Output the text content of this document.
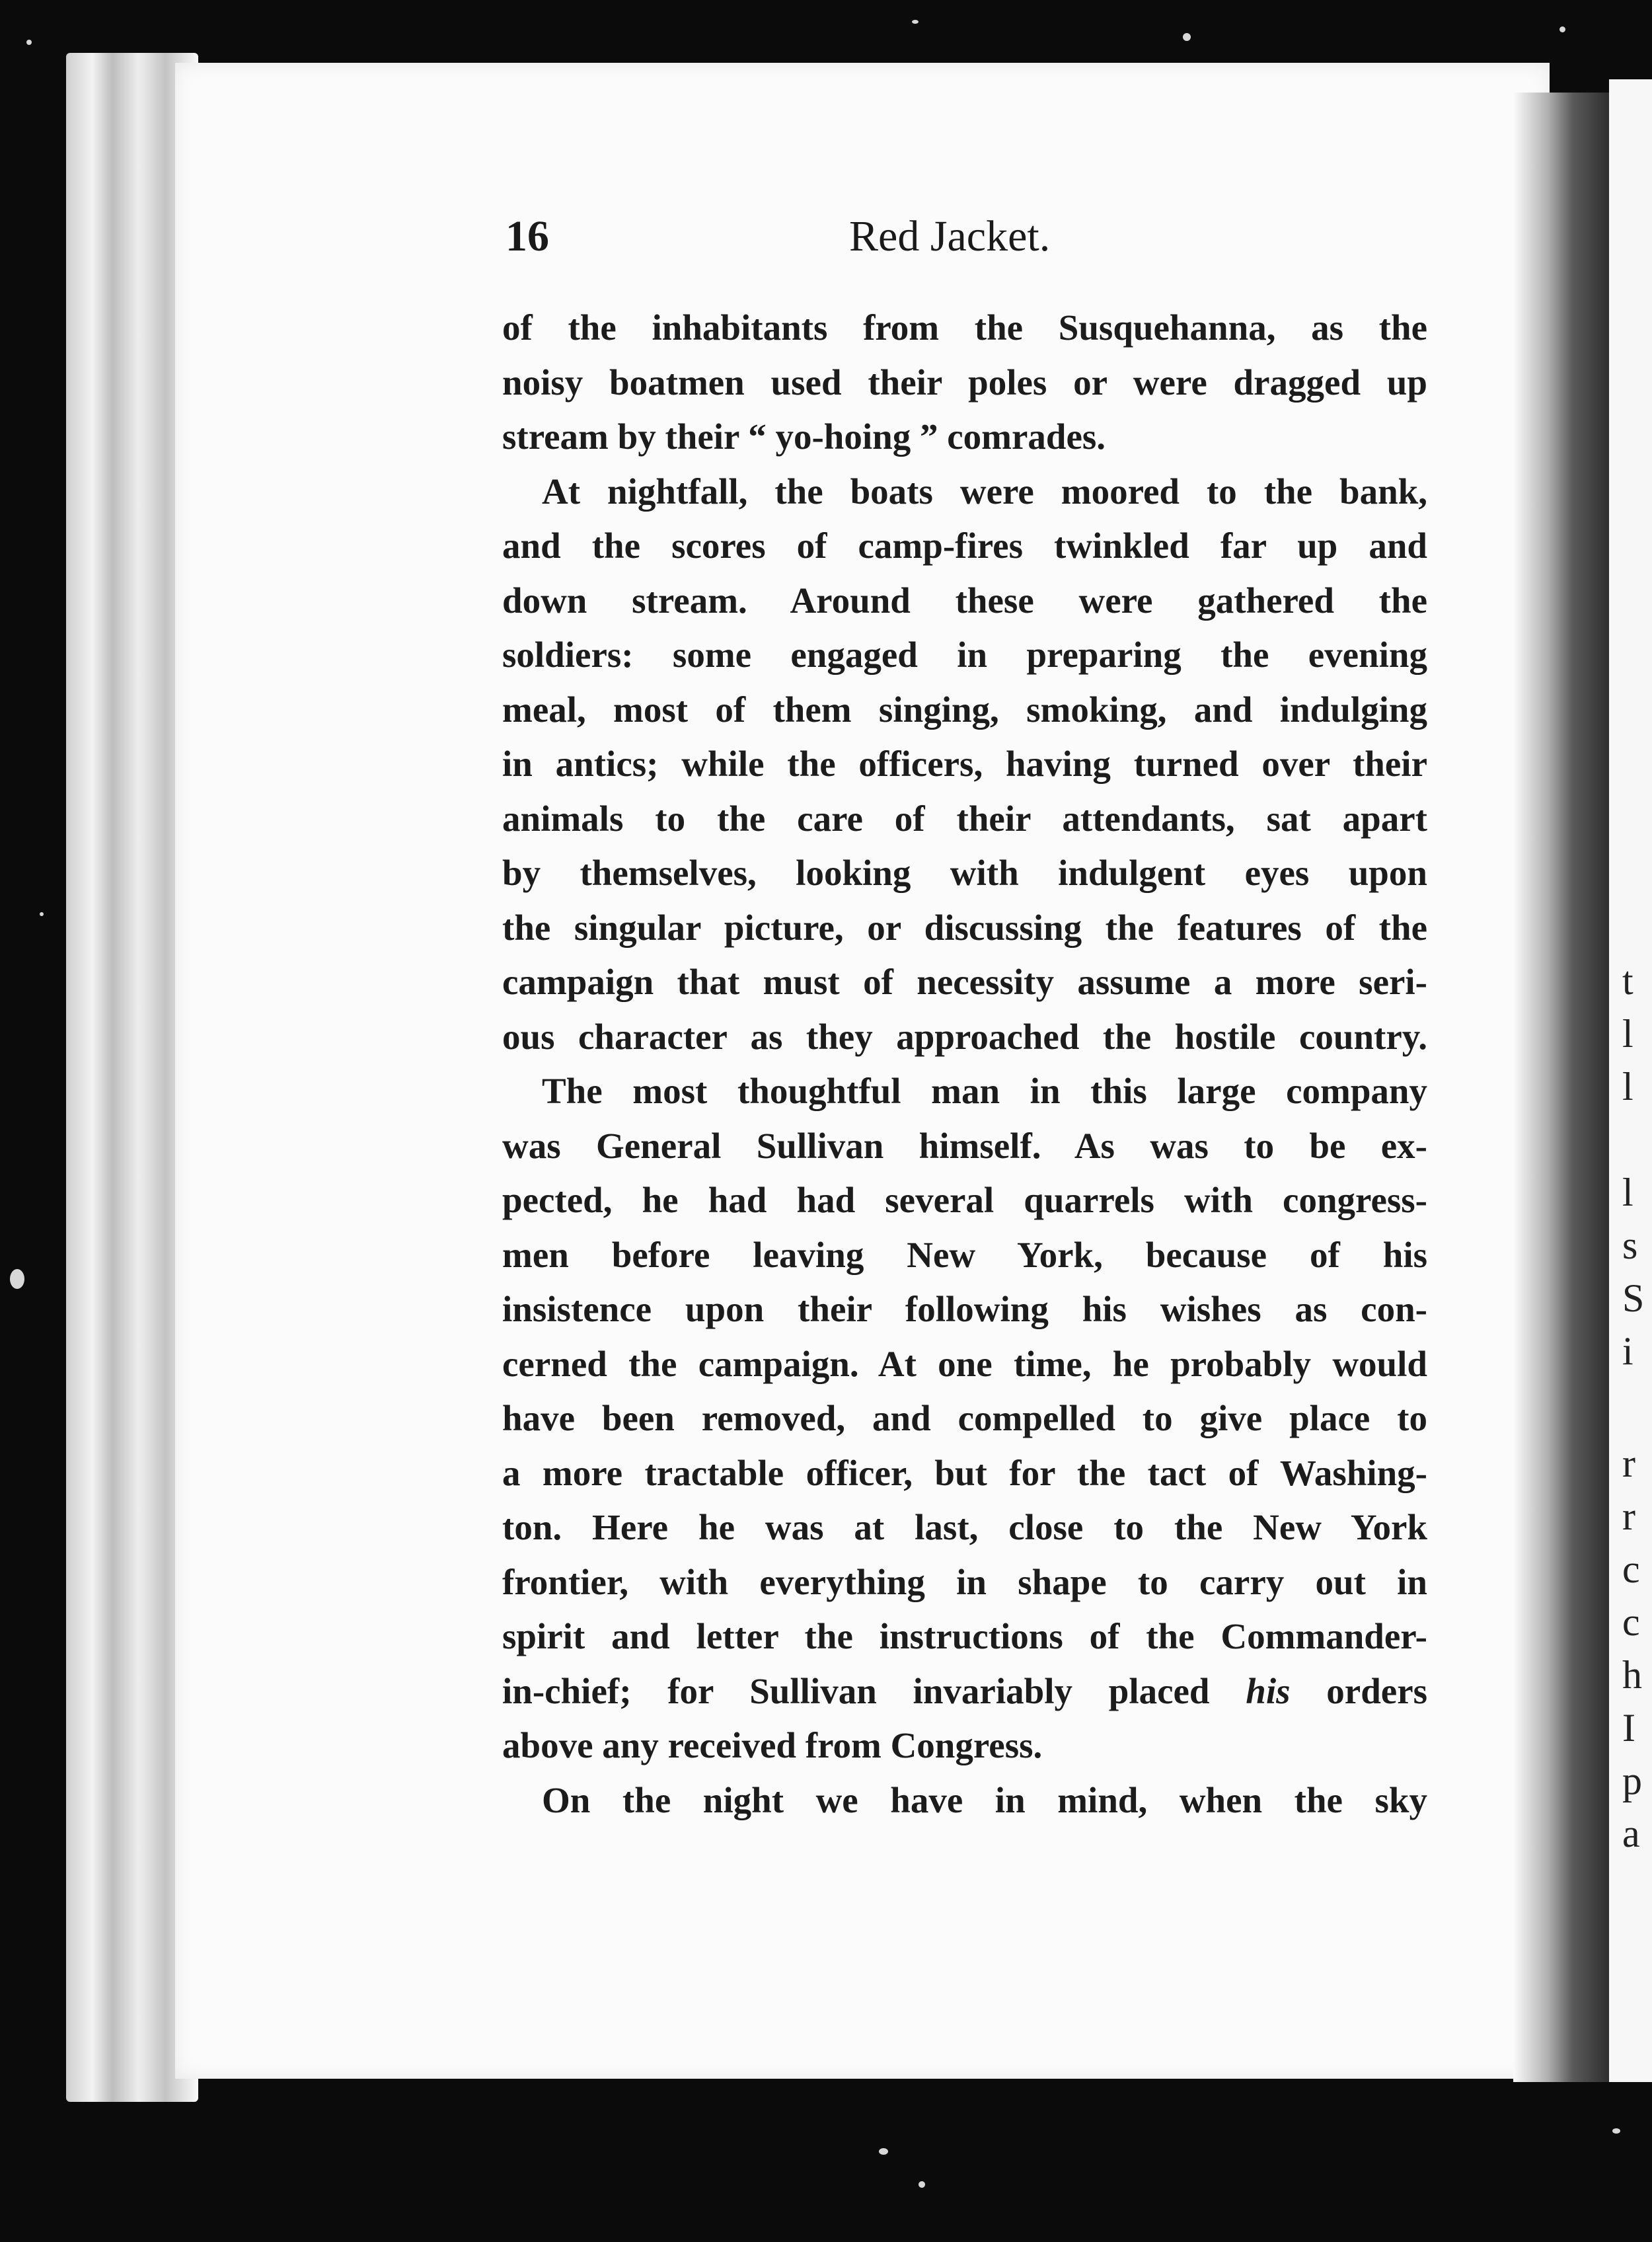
16	Red Jacket.
of the inhabitants from the Susquehanna, as the
noisy boatmen used their poles or were dragged up
stream by their “ yo-hoing ” comrades.
At nightfall, the boats were moored to the bank,
and the scores of camp-fires twinkled far up and
down stream. Around these were gathered the
soldiers: some engaged in preparing the evening
meal, most of them singing, smoking, and indulging
in antics; while the officers, having turned over their
animals to the care of their attendants, sat apart
by themselves, looking with indulgent eyes upon
the singular picture, or discussing the features of the
campaign that must of necessity assume a more seri-
ous character as they approached the hostile country.
The most thoughtful man in this large company
was General Sullivan himself. As was to be ex-
pected, he had had several quarrels with congress-
men before leaving New York, because of his
insistence upon their following his wishes as con-
cerned the campaign. At one time, he probably would
have been removed, and compelled to give place to
a more tractable officer, but for the tact of Washing-
ton. Here he was at last, close to the New York
frontier, with everything in shape to carry out in
spirit and letter the instructions of the Commander-
in-chief; for Sullivan invariably placed his orders
above any received from Congress.
On the night we have in mind, when the sky
t
l
l
l
s
S
i
r
r
c
c
h
I
p
a
